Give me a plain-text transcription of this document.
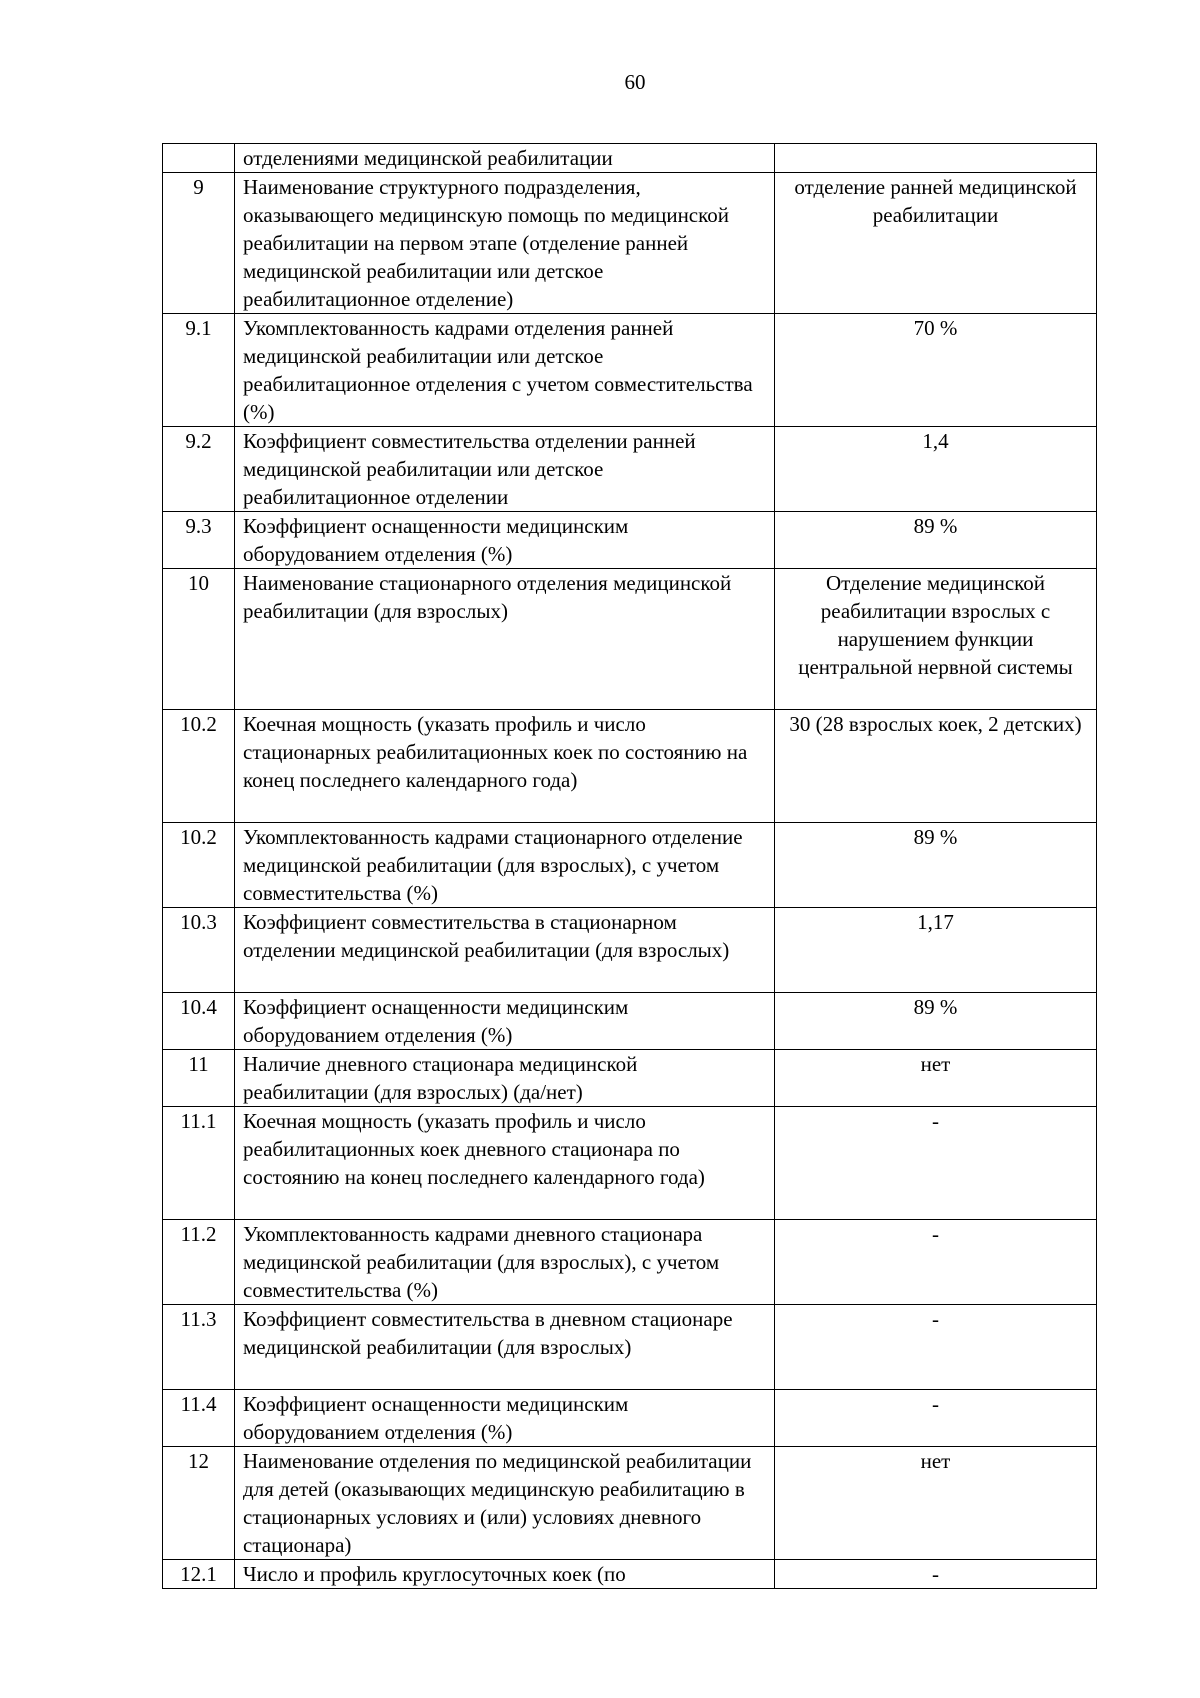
60
	отделениями медицинской реабилитации	
9	Наименование структурного подразделения, оказывающего медицинскую помощь по медицинской реабилитации на первом этапе (отделение ранней медицинской реабилитации или детское реабилитационное отделение)	отделение ранней медицинской реабилитации
9.1	Укомплектованность кадрами отделения ранней медицинской реабилитации или детское реабилитационное отделения с учетом совместительства (%)	70 %
9.2	Коэффициент совместительства отделении ранней медицинской реабилитации или детское реабилитационное отделении	1,4
9.3	Коэффициент оснащенности медицинским оборудованием отделения (%)	89 %
10	Наименование стационарного отделения медицинской реабилитации (для взрослых)	Отделение медицинской реабилитации взрослых с нарушением функции центральной нервной системы
10.2	Коечная мощность (указать профиль и число стационарных реабилитационных коек по состоянию на конец последнего календарного года)	30 (28 взрослых коек, 2 детских)
10.2	Укомплектованность кадрами стационарного отделение медицинской реабилитации (для взрослых), с учетом совместительства (%)	89 %
10.3	Коэффициент совместительства в стационарном отделении медицинской реабилитации (для взрослых)	1,17
10.4	Коэффициент оснащенности медицинским оборудованием отделения (%)	89 %
11	Наличие дневного стационара медицинской реабилитации (для взрослых) (да/нет)	нет
11.1	Коечная мощность (указать профиль и число реабилитационных коек дневного стационара по состоянию на конец последнего календарного года)	-
11.2	Укомплектованность кадрами дневного стационара медицинской реабилитации (для взрослых), с учетом совместительства (%)	-
11.3	Коэффициент совместительства в дневном стационаре медицинской реабилитации (для взрослых)	-
11.4	Коэффициент оснащенности медицинским оборудованием отделения (%)	-
12	Наименование отделения по медицинской реабилитации для детей (оказывающих медицинскую реабилитацию в стационарных условиях и (или) условиях дневного стационара)	нет
12.1	Число и профиль круглосуточных коек (по	-
